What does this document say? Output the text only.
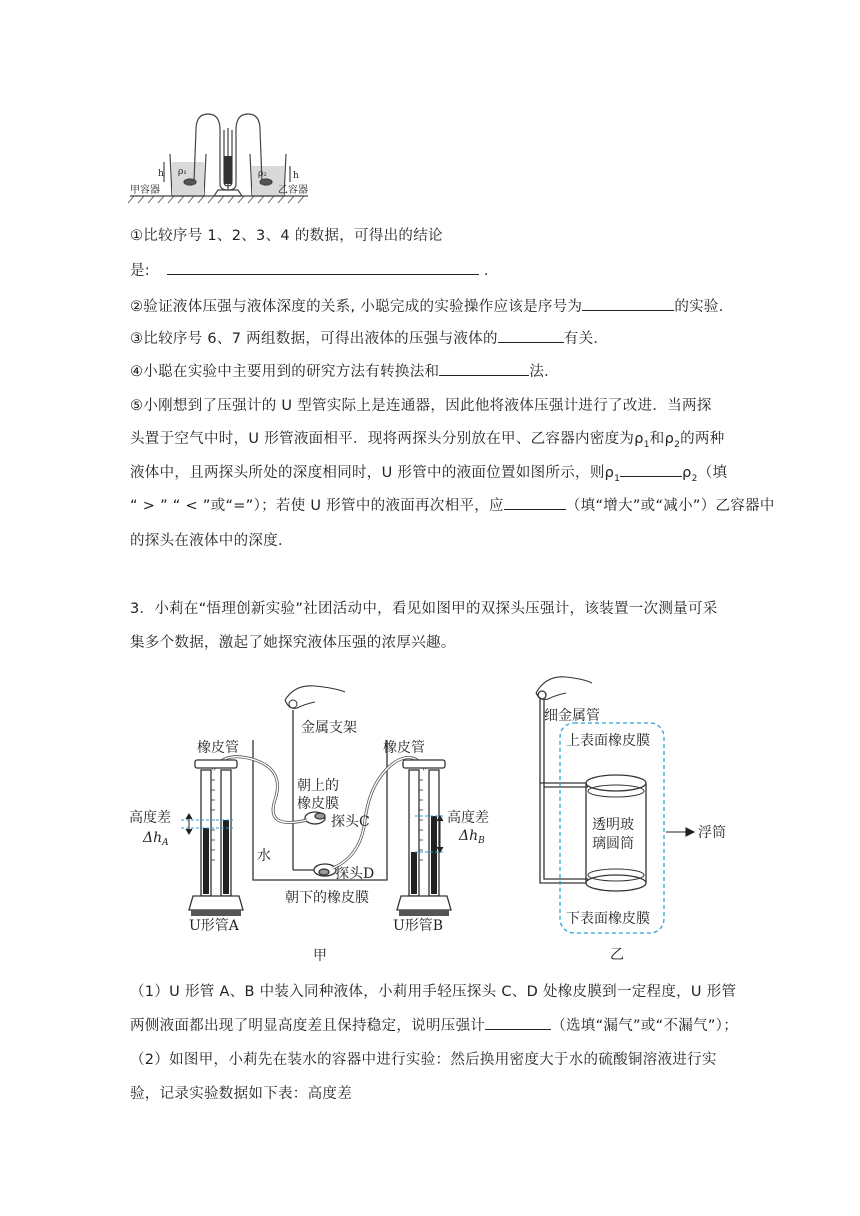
h	h
ρ₁	ρ₂
甲容器	乙容器
①比较序号 1、2、3、4 的数据，可得出的结论
是:	.
②验证液体压强与液体深度的关系, 小聪完成的实验操作应该是序号为	的实验．
③比较序号 6、7 两组数据，可得出液体的压强与液体的	有关．
④小聪在实验中主要用到的研究方法有转换法和	法．
⑤小刚想到了压强计的 U 型管实际上是连通器，因此他将液体压强计进行了改进．当两探
头置于空气中时，U 形管液面相平．现将两探头分别放在甲、乙容器内密度为$\rho_1$和$\rho_2$的两种
液体中，且两探头所处的深度相同时，U 形管中的液面位置如图所示，则$\rho_1$	$\rho_2$（填
“ > ” “ < ”或“=”）；若使 U 形管中的液面再次相平，应	（填“增大”或“减小”）乙容器中
的探头在液体中的深度．
3．小莉在“悟理创新实验”社团活动中，看见如图甲的双探头压强计，该装置一次测量可采
集多个数据，激起了她探究液体压强的浓厚兴趣。
金属支架
橡皮管	橡皮管
朝上的
橡皮膜
探头C
探头D
水
朝下的橡皮膜
高度差
$\Delta h_A$
高度差
$\Delta h_B$
U形管A	U形管B
甲
细金属管
上表面橡皮膜
透明玻
璃圆筒
浮筒
下表面橡皮膜
乙
（1）U 形管 A、B 中装入同种液体，小莉用手轻压探头 C、D 处橡皮膜到一定程度，U 形管
两侧液面都出现了明显高度差且保持稳定，说明压强计	（选填“漏气”或“不漏气”）；
（2）如图甲，小莉先在装水的容器中进行实验：然后换用密度大于水的硫酸铜溶液进行实
验，记录实验数据如下表：高度差
